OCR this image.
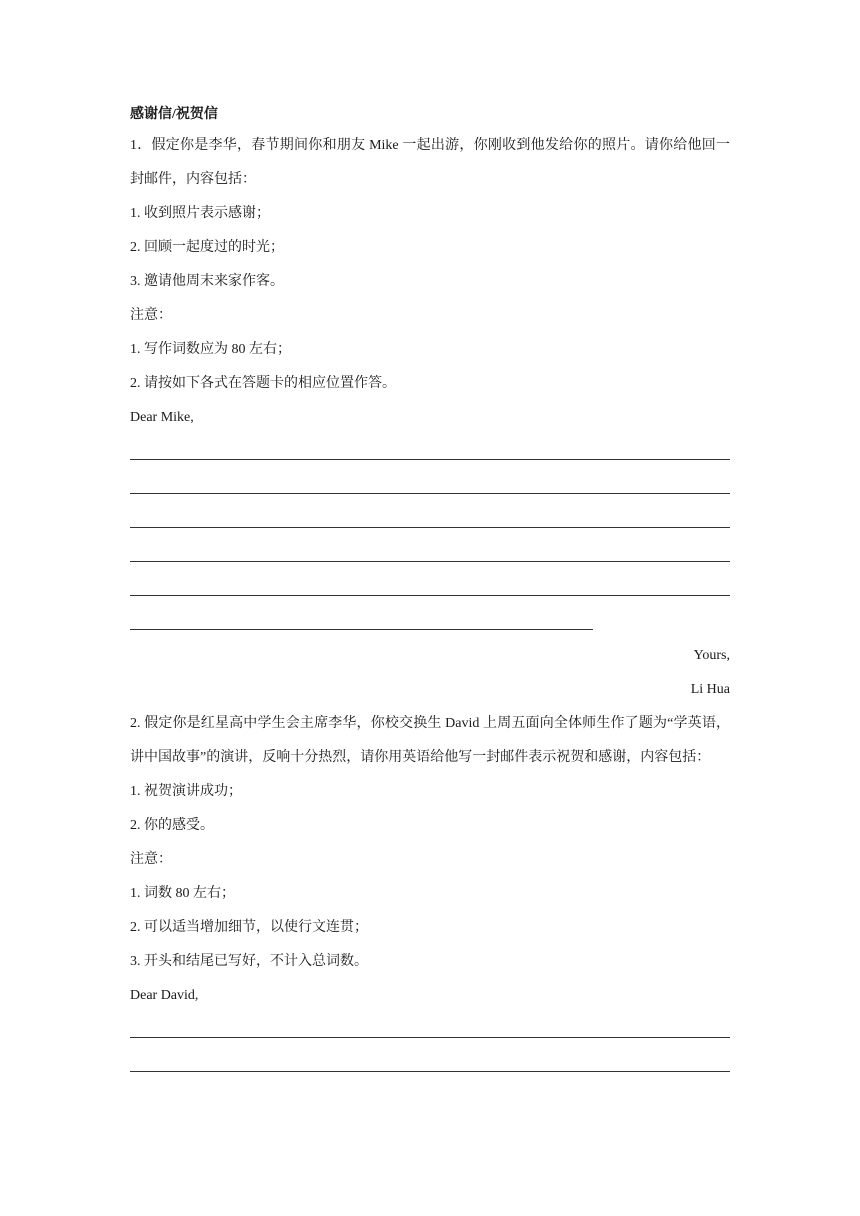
感谢信/祝贺信
1．假定你是李华，春节期间你和朋友 Mike 一起出游，你刚收到他发给你的照片。请你给他回一封邮件，内容包括：
1. 收到照片表示感谢；
2. 回顾一起度过的时光；
3. 邀请他周末来家作客。
注意：
1. 写作词数应为 80 左右；
2. 请按如下各式在答题卡的相应位置作答。
Dear Mike,
Yours,
Li Hua
2. 假定你是红星高中学生会主席李华，你校交换生 David 上周五面向全体师生作了题为“学英语，讲中国故事”的演讲，反响十分热烈，请你用英语给他写一封邮件表示祝贺和感谢，内容包括：
1. 祝贺演讲成功；
2. 你的感受。
注意：
1. 词数 80 左右；
2. 可以适当增加细节，以使行文连贯；
3. 开头和结尾已写好，不计入总词数。
Dear David,
